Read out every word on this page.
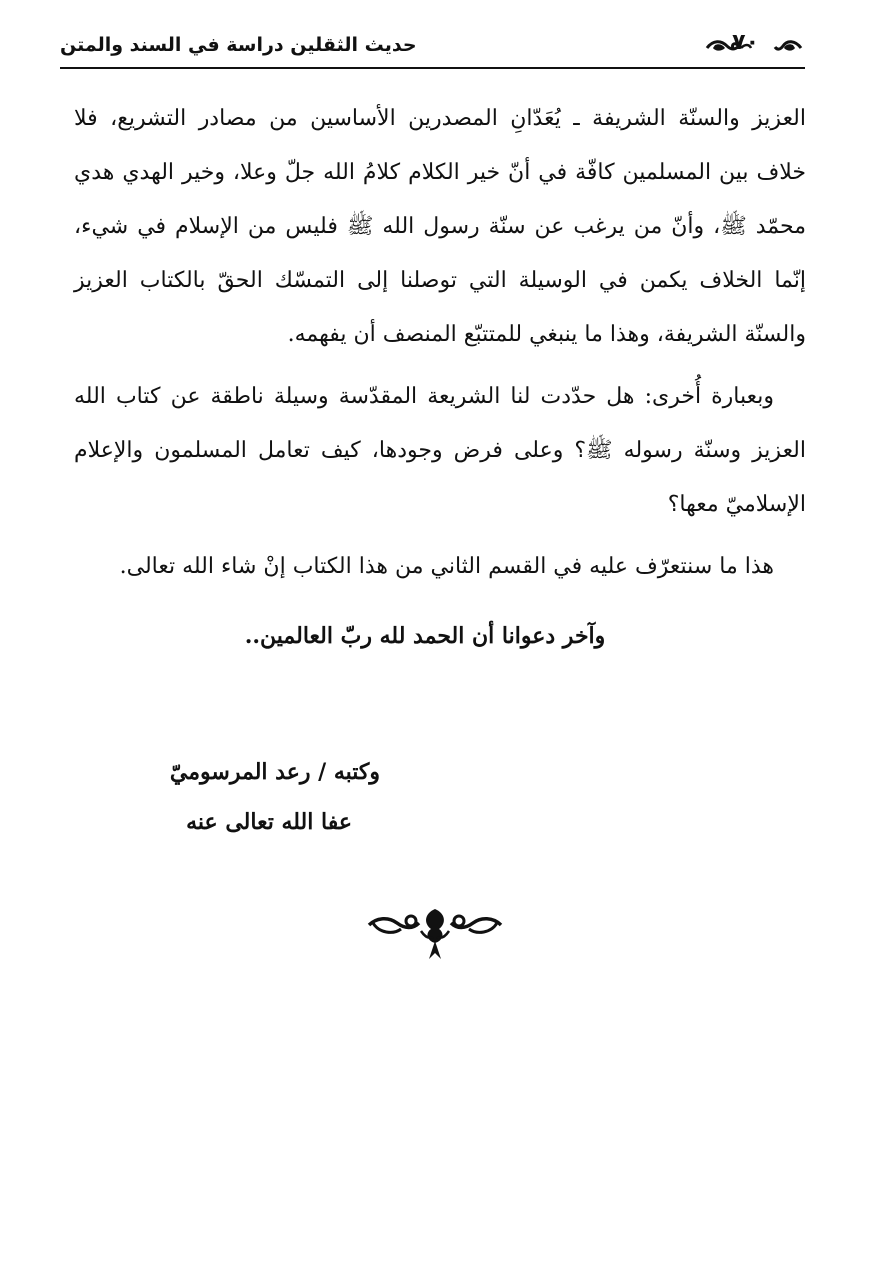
حديث الثقلين دراسة في السند والمتن	٧٠

العزيز والسنّة الشريفة ـ يُعَدّانِ المصدرين الأساسين من مصادر التشريع، فلا خلاف بين المسلمين كافّة في أنّ خير الكلام كلامُ الله جلّ وعلا، وخير الهدي هدي محمّد ﷺ، وأنّ من يرغب عن سنّة رسول الله ﷺ فليس من الإسلام في شيء، إنّما الخلاف يكمن في الوسيلة التي توصلنا إلى التمسّك الحقّ بالكتاب العزيز والسنّة الشريفة، وهذا ما ينبغي للمتتبّع المنصف أن يفهمه.

وبعبارة أُخرى: هل حدّدت لنا الشريعة المقدّسة وسيلة ناطقة عن كتاب الله العزيز وسنّة رسوله ﷺ؟ وعلى فرض وجودها، كيف تعامل المسلمون والإعلام الإسلاميّ معها؟

هذا ما سنتعرّف عليه في القسم الثاني من هذا الكتاب إنْ شاء الله تعالى.

وآخر دعوانا أن الحمد لله ربّ العالمين..

وكتبه / رعد المرسوميّ
عفا الله تعالى عنه
